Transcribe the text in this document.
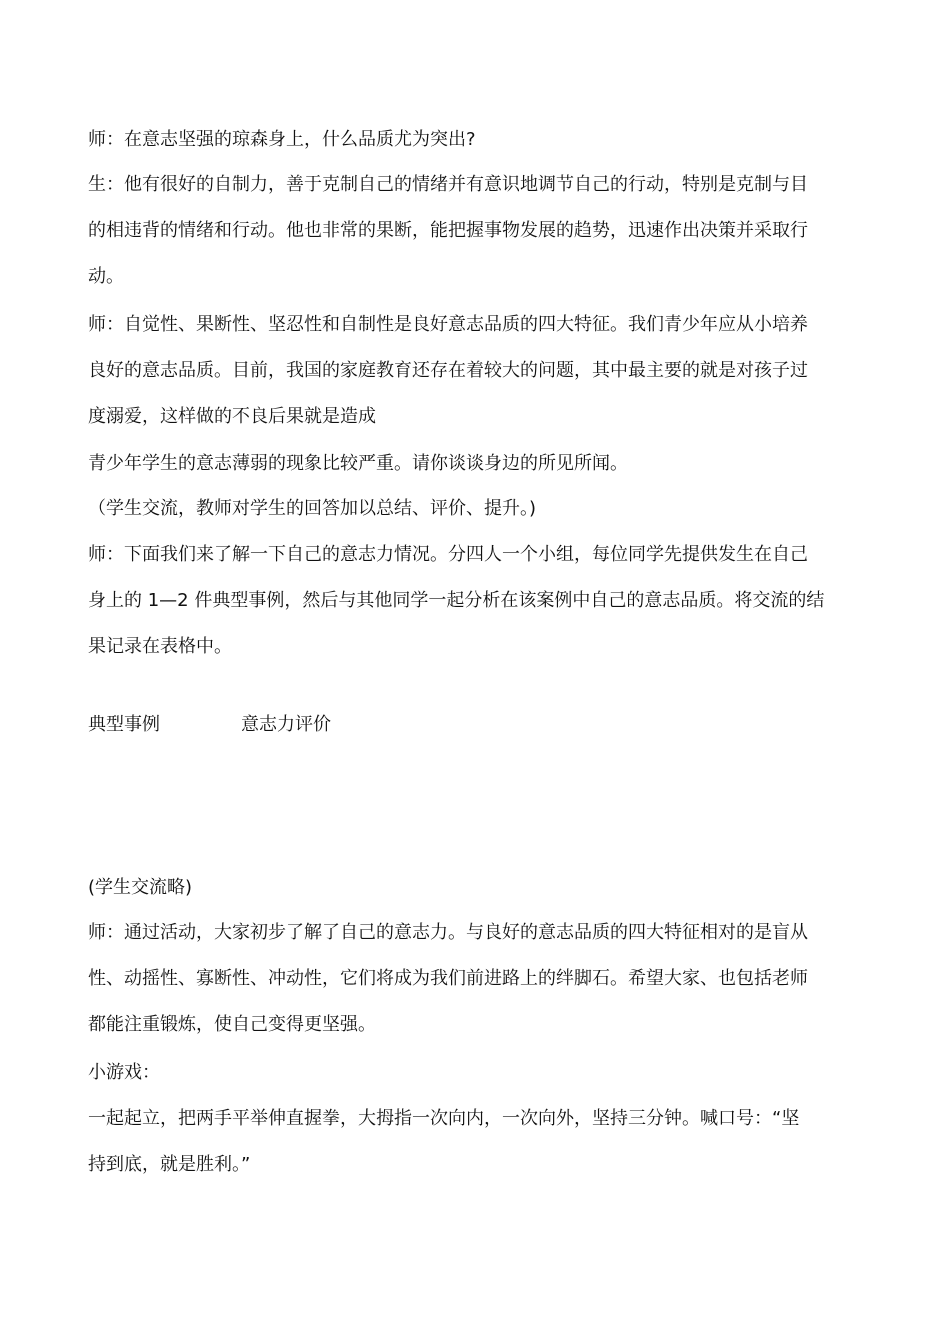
师：在意志坚强的琼森身上，什么品质尤为突出?
生：他有很好的自制力，善于克制自己的情绪并有意识地调节自己的行动，特别是克制与目
的相违背的情绪和行动。他也非常的果断，能把握事物发展的趋势，迅速作出决策并采取行
动。
师：自觉性、果断性、坚忍性和自制性是良好意志品质的四大特征。我们青少年应从小培养
良好的意志品质。目前，我国的家庭教育还存在着较大的问题，其中最主要的就是对孩子过
度溺爱，这样做的不良后果就是造成
青少年学生的意志薄弱的现象比较严重。请你谈谈身边的所见所闻。
（学生交流，教师对学生的回答加以总结、评价、提升。)
师：下面我们来了解一下自己的意志力情况。分四人一个小组，每位同学先提供发生在自己
身上的 1—2 件典型事例，然后与其他同学一起分析在该案例中自己的意志品质。将交流的结
果记录在表格中。
典型事例	意志力评价
(学生交流略)
师：通过活动，大家初步了解了自己的意志力。与良好的意志品质的四大特征相对的是盲从
性、动摇性、寡断性、冲动性，它们将成为我们前进路上的绊脚石。希望大家、也包括老师
都能注重锻炼，使自己变得更坚强。
小游戏：
一起起立，把两手平举伸直握拳，大拇指一次向内，一次向外，坚持三分钟。喊口号：“坚
持到底，就是胜利。”
